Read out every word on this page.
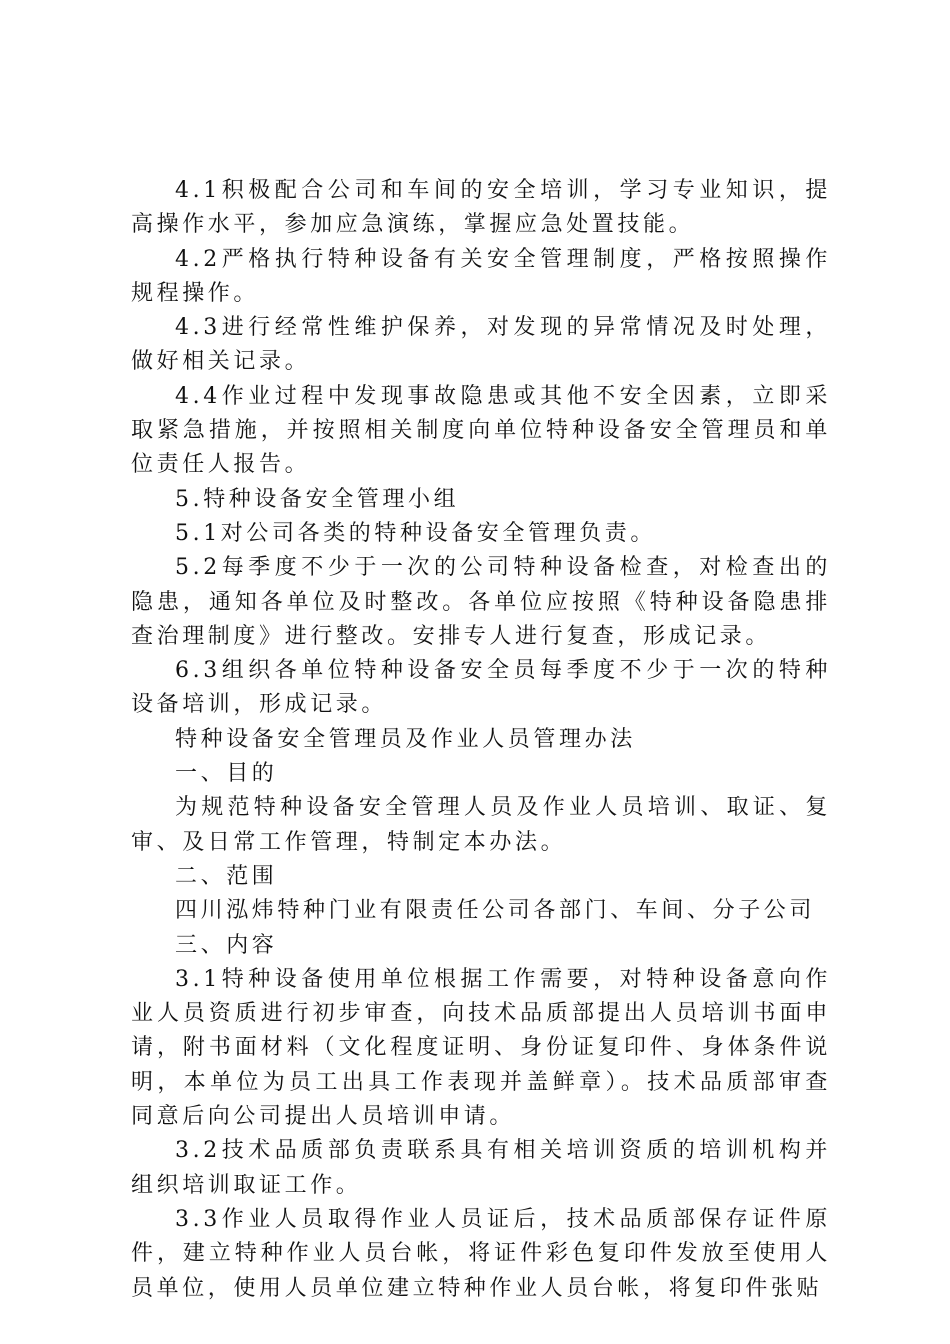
4.1积极配合公司和车间的安全培训，学习专业知识，提高操作水平，参加应急演练，掌握应急处置技能。

4.2严格执行特种设备有关安全管理制度，严格按照操作规程操作。

4.3进行经常性维护保养，对发现的异常情况及时处理，做好相关记录。

4.4作业过程中发现事故隐患或其他不安全因素，立即采取紧急措施，并按照相关制度向单位特种设备安全管理员和单位责任人报告。

5.特种设备安全管理小组

5.1对公司各类的特种设备安全管理负责。

5.2每季度不少于一次的公司特种设备检查，对检查出的隐患，通知各单位及时整改。各单位应按照《特种设备隐患排查治理制度》进行整改。安排专人进行复查，形成记录。

6.3组织各单位特种设备安全员每季度不少于一次的特种设备培训，形成记录。

特种设备安全管理员及作业人员管理办法

一、目的

为规范特种设备安全管理人员及作业人员培训、取证、复审、及日常工作管理，特制定本办法。

二、范围

四川泓炜特种门业有限责任公司各部门、车间、分子公司

三、内容

3.1特种设备使用单位根据工作需要，对特种设备意向作业人员资质进行初步审查，向技术品质部提出人员培训书面申请，附书面材料（文化程度证明、身份证复印件、身体条件说明，本单位为员工出具工作表现并盖鲜章）。技术品质部审查同意后向公司提出人员培训申请。

3.2技术品质部负责联系具有相关培训资质的培训机构并组织培训取证工作。

3.3作业人员取得作业人员证后，技术品质部保存证件原件，建立特种作业人员台帐，将证件彩色复印件发放至使用人员单位，使用人员单位建立特种作业人员台帐，将复印件张贴
